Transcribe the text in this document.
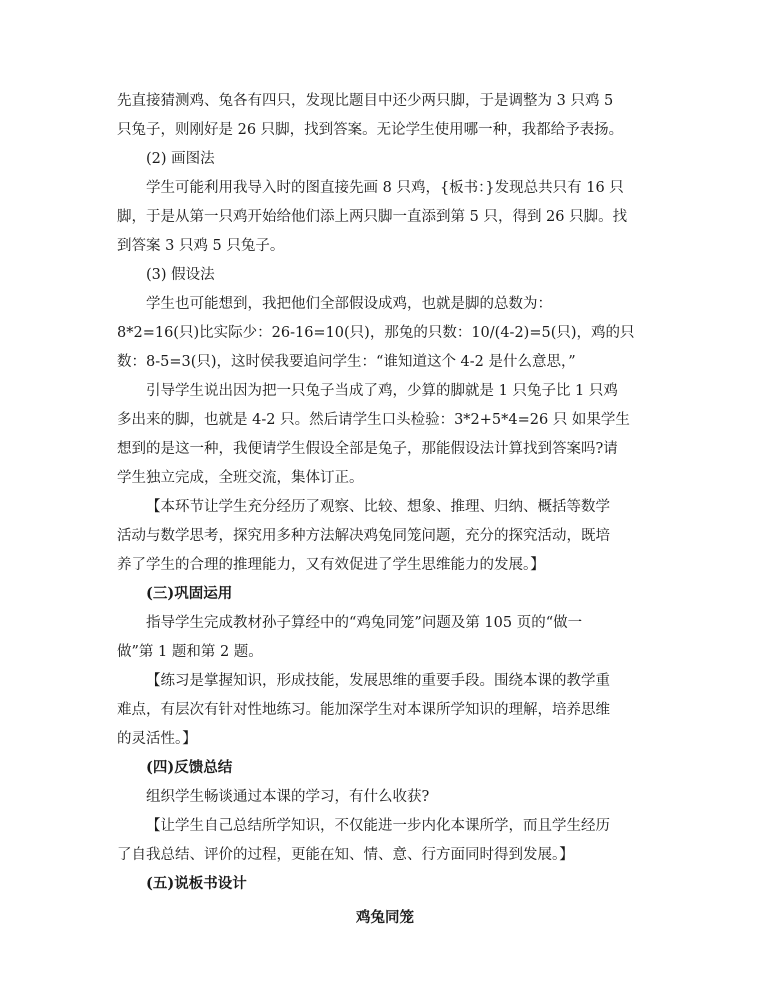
先直接猜测鸡、兔各有四只，发现比题目中还少两只脚，于是调整为 3 只鸡 5
只兔子，则刚好是 26 只脚，找到答案。无论学生使用哪一种，我都给予表扬。
(2) 画图法
学生可能利用我导入时的图直接先画 8 只鸡，{板书：}发现总共只有 16 只
脚，于是从第一只鸡开始给他们添上两只脚一直添到第 5 只，得到 26 只脚。找
到答案 3 只鸡 5 只兔子。
(3) 假设法
学生也可能想到，我把他们全部假设成鸡，也就是脚的总数为：
8*2=16(只)比实际少：26-16=10(只)，那兔的只数：10/(4-2)=5(只)，鸡的只
数：8-5=3(只)，这时侯我要追问学生：“谁知道这个 4-2 是什么意思，”
引导学生说出因为把一只兔子当成了鸡，少算的脚就是 1 只兔子比 1 只鸡
多出来的脚，也就是 4-2 只。然后请学生口头检验：3*2+5*4=26 只 如果学生
想到的是这一种，我便请学生假设全部是兔子，那能假设法计算找到答案吗?请
学生独立完成，全班交流，集体订正。
【本环节让学生充分经历了观察、比较、想象、推理、归纳、概括等数学
活动与数学思考，探究用多种方法解决鸡兔同笼问题，充分的探究活动，既培
养了学生的合理的推理能力，又有效促进了学生思维能力的发展。】
(三)巩固运用
指导学生完成教材孙子算经中的“鸡兔同笼”问题及第 105 页的“做一
做”第 1 题和第 2 题。
【练习是掌握知识，形成技能，发展思维的重要手段。围绕本课的教学重
难点，有层次有针对性地练习。能加深学生对本课所学知识的理解，培养思维
的灵活性。】
(四)反馈总结
组织学生畅谈通过本课的学习，有什么收获?
【让学生自己总结所学知识，不仅能进一步内化本课所学，而且学生经历
了自我总结、评价的过程，更能在知、情、意、行方面同时得到发展。】
(五)说板书设计
鸡兔同笼
